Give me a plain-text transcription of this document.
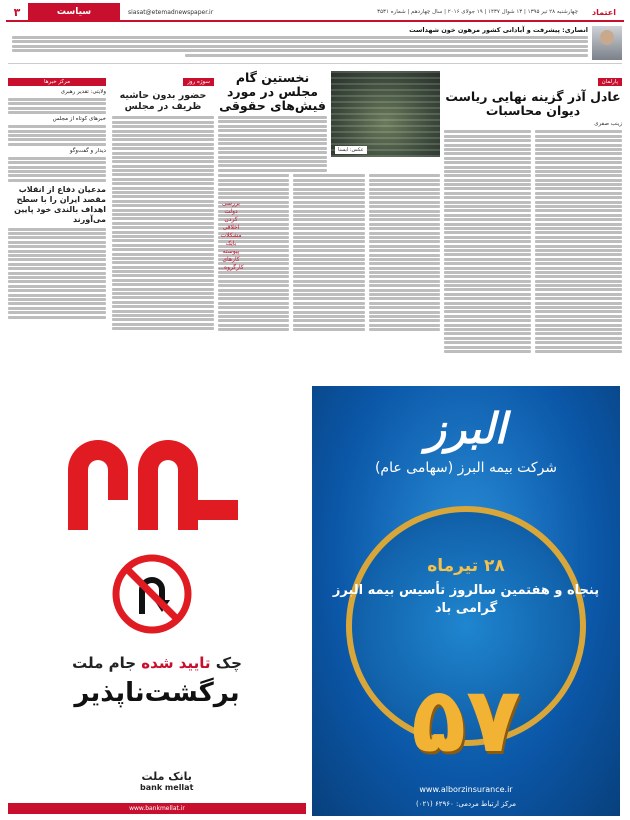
اعتماد
چهارشنبه ۲۸ تیر ۱۳۹۵ | ۱۳ شوال ۱۴۳۷ | ۱۹ جولای ۲۰۱۶ | سال چهاردهم | شماره ۳۵۳۱
siasat@etemadnewspaper.ir
سیاست
۳
انصاری: پیشرفت و آبادانی کشور مرهون خون شهداست
پارلمان
عادل آذر گزینه نهایی ریاست دیوان محاسبات
زینب صفری
عکس: ایسنا
نخستین گام مجلس در مورد فیش‌های حقوقی
سوژه روز
حضور بدون حاشیه ظریف در مجلس
بررسی دولت کردن اخلاقی مشکلات بایک پیوسته کارهای کارگروه...
مرکز خبرها
ولایتی: تقدیر رهبری
خبرهای کوتاه از مجلس
دیدار و گفت‌وگو
مدعیان دفاع از انقلاب مقصد ایران را با سطح اهداف بالندی خود پایین می‌آورند
البرز
شرکت بیمه البرز (سهامی عام)
۲۸ تیرماه
پنجاه و هفتمین سالروز تأسیس بیمه البرز گرامی باد
۵۷
www.alborzinsurance.ir
مرکز ارتباط مردمی: ۶۲۹۶۰ (۰۲۱)
چک تایید شده جام ملت
برگشت‌ناپذیر
بانک ملت
bank mellat
www.bankmellat.ir
